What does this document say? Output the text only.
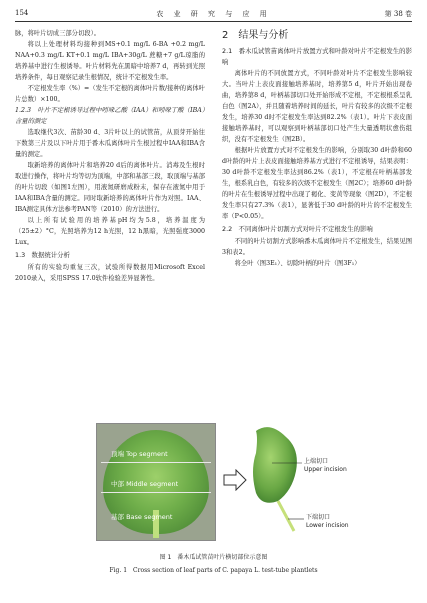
154	农 业 研 究 与 应 用	第 38 卷

脉，将叶片切成三部分切段）。

将以上处理材料均接种到MS+0.1 mg/L 6-BA +0.2 mg/L NAA+0.3 mg/L KT+0.1 mg/L IBA+30g/L 蔗糖+7 g/L琼脂的培养基中进行生根诱导。叶片材料先在黑暗中培养7 d，再转到光照培养条件，每日观察记录生根情况，统计不定根发生率。

不定根发生率（%）=（发生不定根的离体叶片数/接种的离体叶片总数）×100。

1.2.3　叶片不定根诱导过程中吲哚乙酸（IAA）和吲哚丁酸（IBA）含量的测定

选取继代3次、苗龄30 d、3片叶以上的试管苗，从顶芽开始往下数第三片及以下叶片用于番木瓜离体叶片生根过程中IAA和IBA含量的测定。

取新培养的离体叶片和培养20 d后的离体叶片。消毒及生根时取进行操作，将叶片均等切为顶端，中部和基部三段，取顶端与基部的叶片切段（如图1左图），用液氮研磨成粉末，保存在液氮中用于IAA和IBA含量的测定。同时取新培养的离体叶片作为对照。IAA、IBA测定具体方法参考PAN等（2010）的方法进行。

以上所有试验用的培养基pH均为5.8，培养温度为（25±2）°C，光照培养为12 h光照，12 h黑暗，光照强度3000 Lux。

1.3　数据统计分析

所有的实验均重复三次，试验所得数据用Microsoft Excel 2010录入，采用SPSS 17.0软件检验差异显著性。

2　结果与分析

2.1　番木瓜试管苗离体叶片放置方式和叶龄对叶片不定根发生的影响

离体叶片的不同放置方式，不同叶龄对叶片不定根发生影响较大。当叶片上表皮面接触培养基时，培养第5 d，叶片开始出现卷曲，培养第8 d，叶柄基部切口处开始形成不定根，不定根根系呈乳白色（图2A），并且随着培养时间的延长，叶片有较多的次级不定根发生，培养30 d时不定根发生率达到82.2%（表1）。叶片下表皮面接触培养基时，可以观察到叶柄基部切口处产生大量透明状愈伤组织，没有不定根发生（图2B）。

根据叶片放置方式对不定根发生的影响，分别取30 d叶龄和60 d叶龄的叶片上表皮面接触培养基方式进行不定根诱导，结果表明：30 d叶龄不定根发生率达到86.2%（表1），不定根在叶柄基部发生，根系乳白色，有较多的次级不定根发生（图2C）；培养60 d叶龄的叶片在生根诱导过程中出现了褐化、变黄等现象（图2D），不定根发生率只有27.3%（表1），显著低于30 d叶龄的叶片的不定根发生率（P<0.05）。

2.2　不同离体叶片切割方式对叶片不定根发生的影响

不同的叶片切割方式影响番木瓜离体叶片不定根发生，结果见图3和表2。

将全叶（图3E₁）、切除叶柄的叶片（图3F₁）

顶端 Top segment
中部 Middle segment
基部 Base segment
上端切口
Upper incision
下端切口
Lower incision
图 1　番木瓜试管苗叶片横切部位示意图
Fig. 1　Cross section of leaf parts of C. papaya L. test-tube plantlets
